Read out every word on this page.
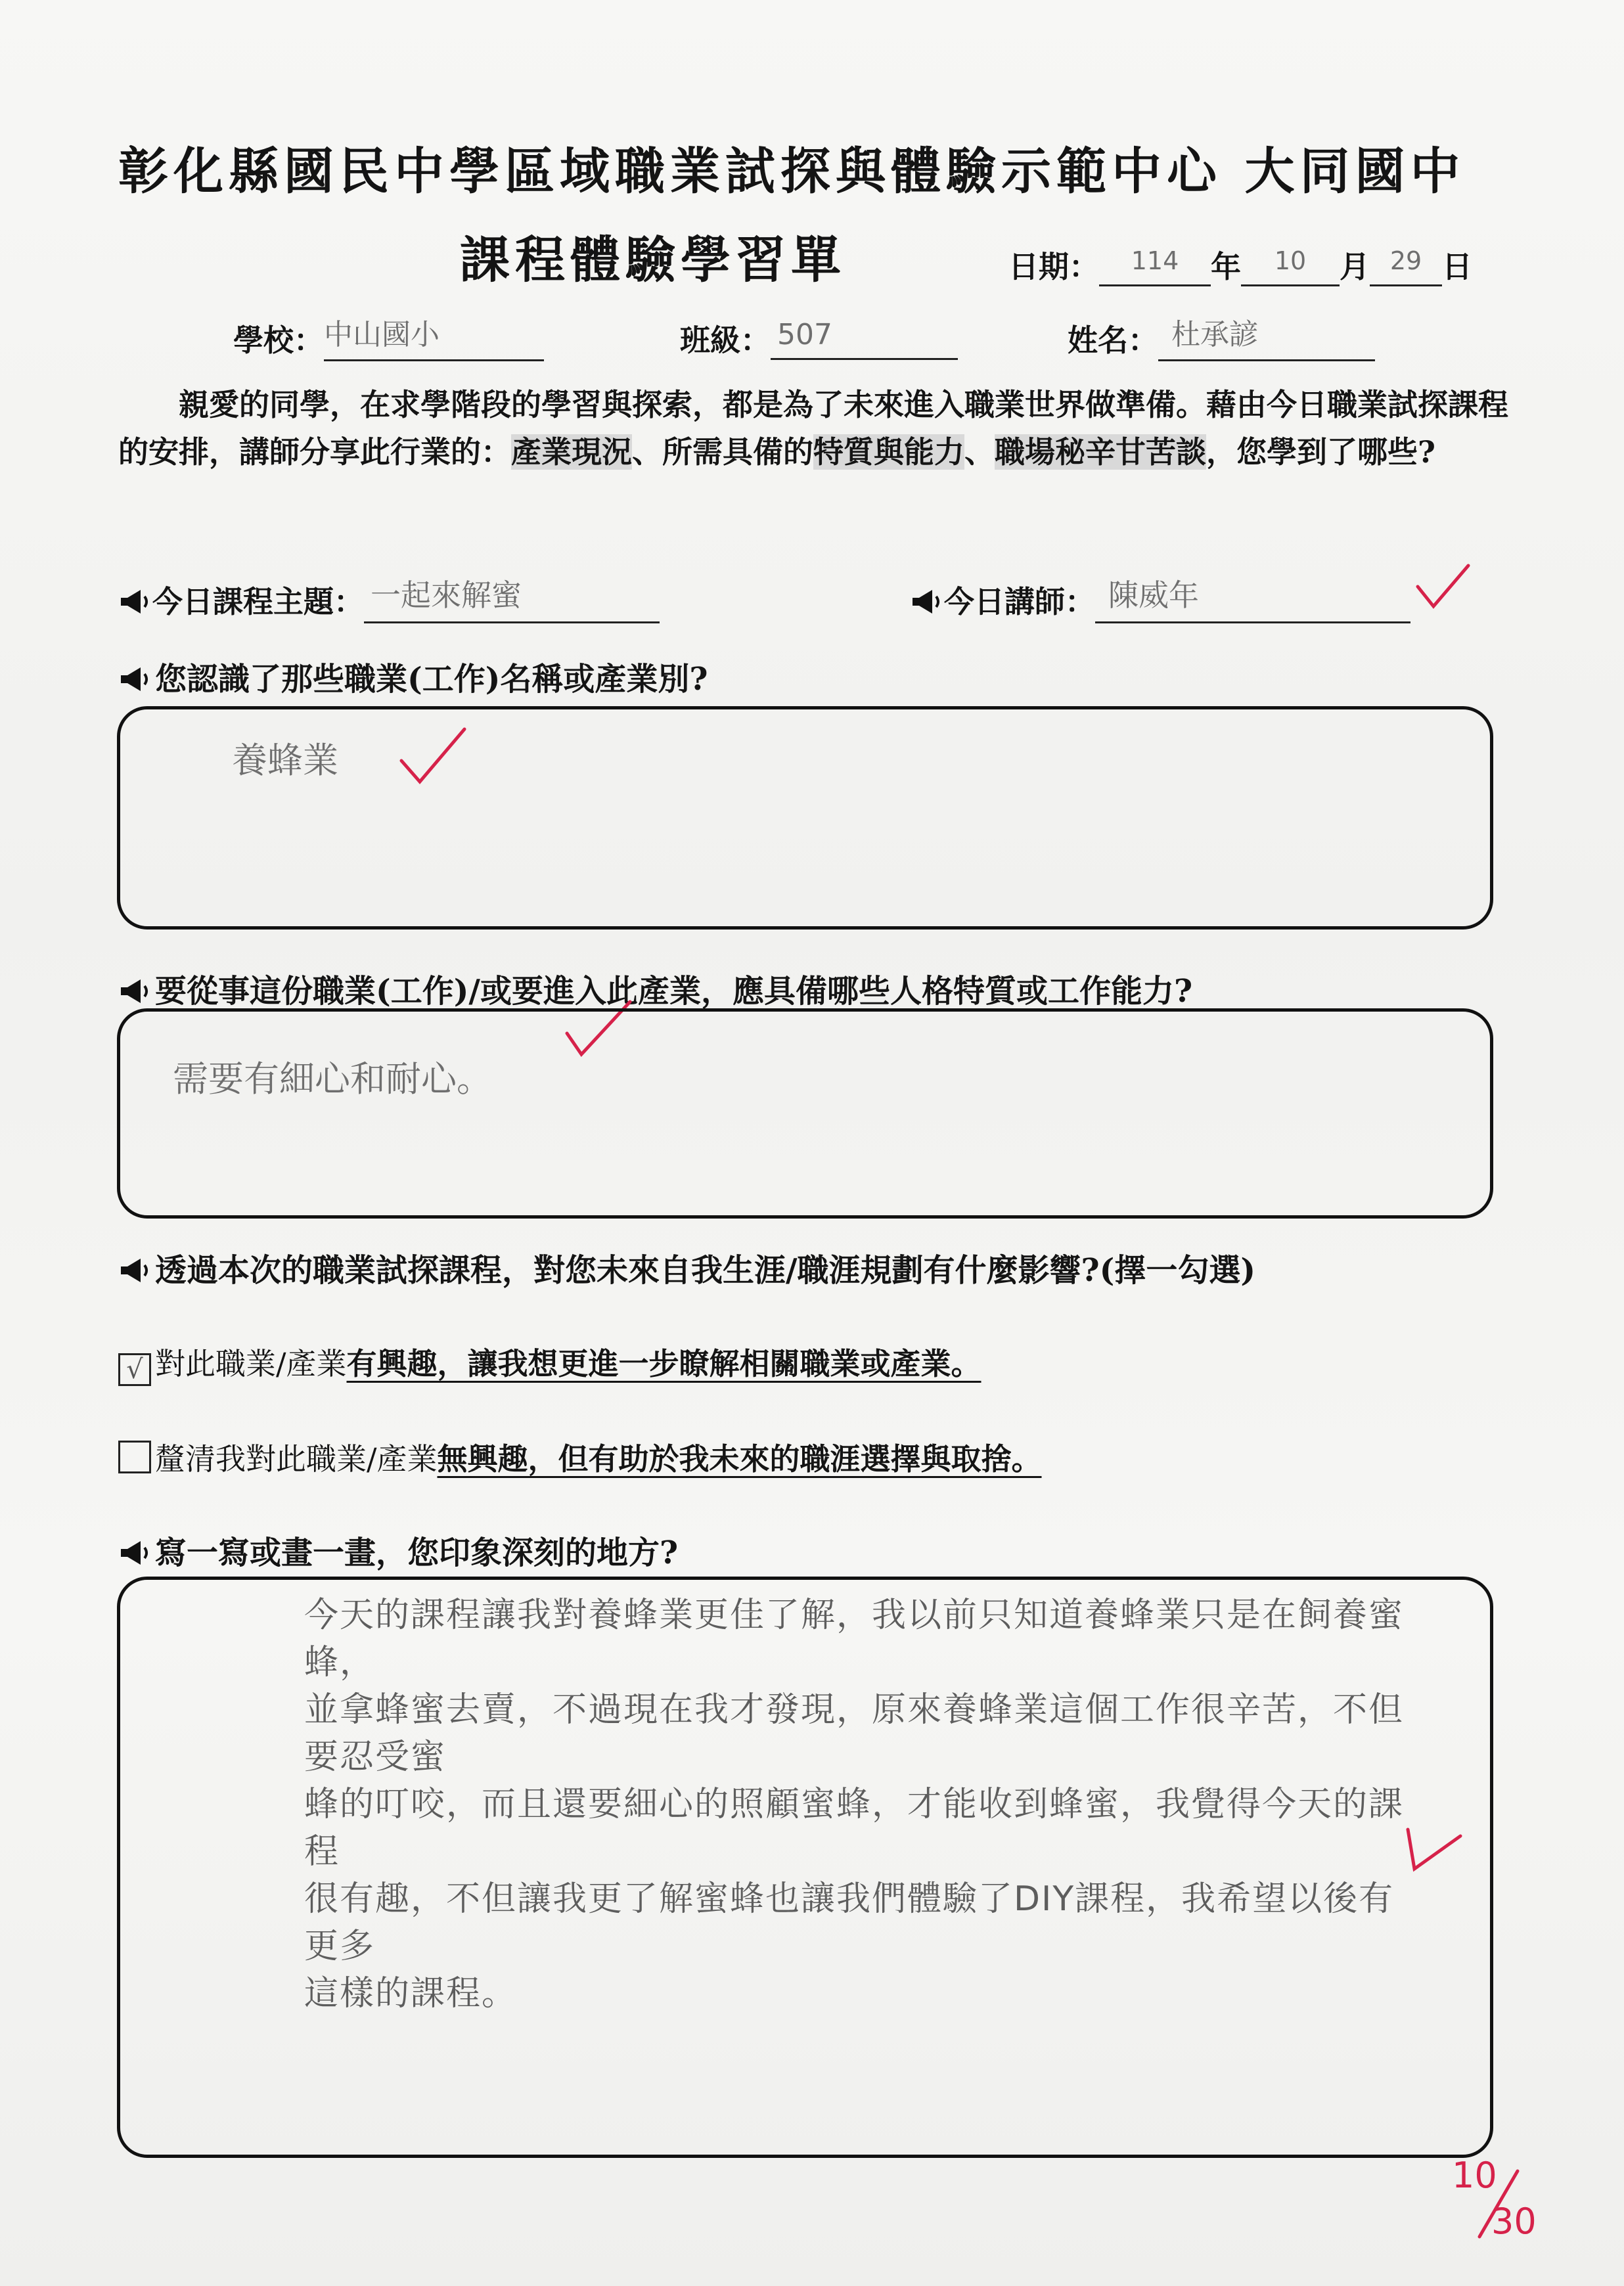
彰化縣國民中學區域職業試探與體驗示範中心 大同國中
課程體驗學習單	日期： $^{114}$ 年 $^{10}$ 月 $^{29}$ 日
學校：中山國小	班級： 507	姓名： 杜承諺
親愛的同學，在求學階段的學習與探索，都是為了未來進入職業世界做準備。藉由今日職業試探課程的安排，講師分享此行業的：產業現況、所需具備的特質與能力、職場秘辛甘苦談，您學到了哪些?
今日課程主題： 一起來解蜜	今日講師： 陳威年
您認識了那些職業(工作)名稱或產業別?
養蜂業
要從事這份職業(工作)/或要進入此產業，應具備哪些人格特質或工作能力?
需要有細心和耐心。
透過本次的職業試探課程，對您未來自我生涯/職涯規劃有什麼影響?(擇一勾選)
√ 對此職業/產業有興趣，讓我想更進一步瞭解相關職業或產業。
釐清我對此職業/產業無興趣，但有助於我未來的職涯選擇與取捨。
寫一寫或畫一畫，您印象深刻的地方?
今天的課程讓我對養蜂業更佳了解，我以前只知道養蜂業只是在飼養蜜蜂，
並拿蜂蜜去賣，不過現在我才發現，原來養蜂業這個工作很辛苦，不但要忍受蜜
蜂的叮咬，而且還要細心的照顧蜜蜂，才能收到蜂蜜，我覺得今天的課程
很有趣，不但讓我更了解蜜蜂也讓我們體驗了DIY課程，我希望以後有更多
這樣的課程。
10
30
